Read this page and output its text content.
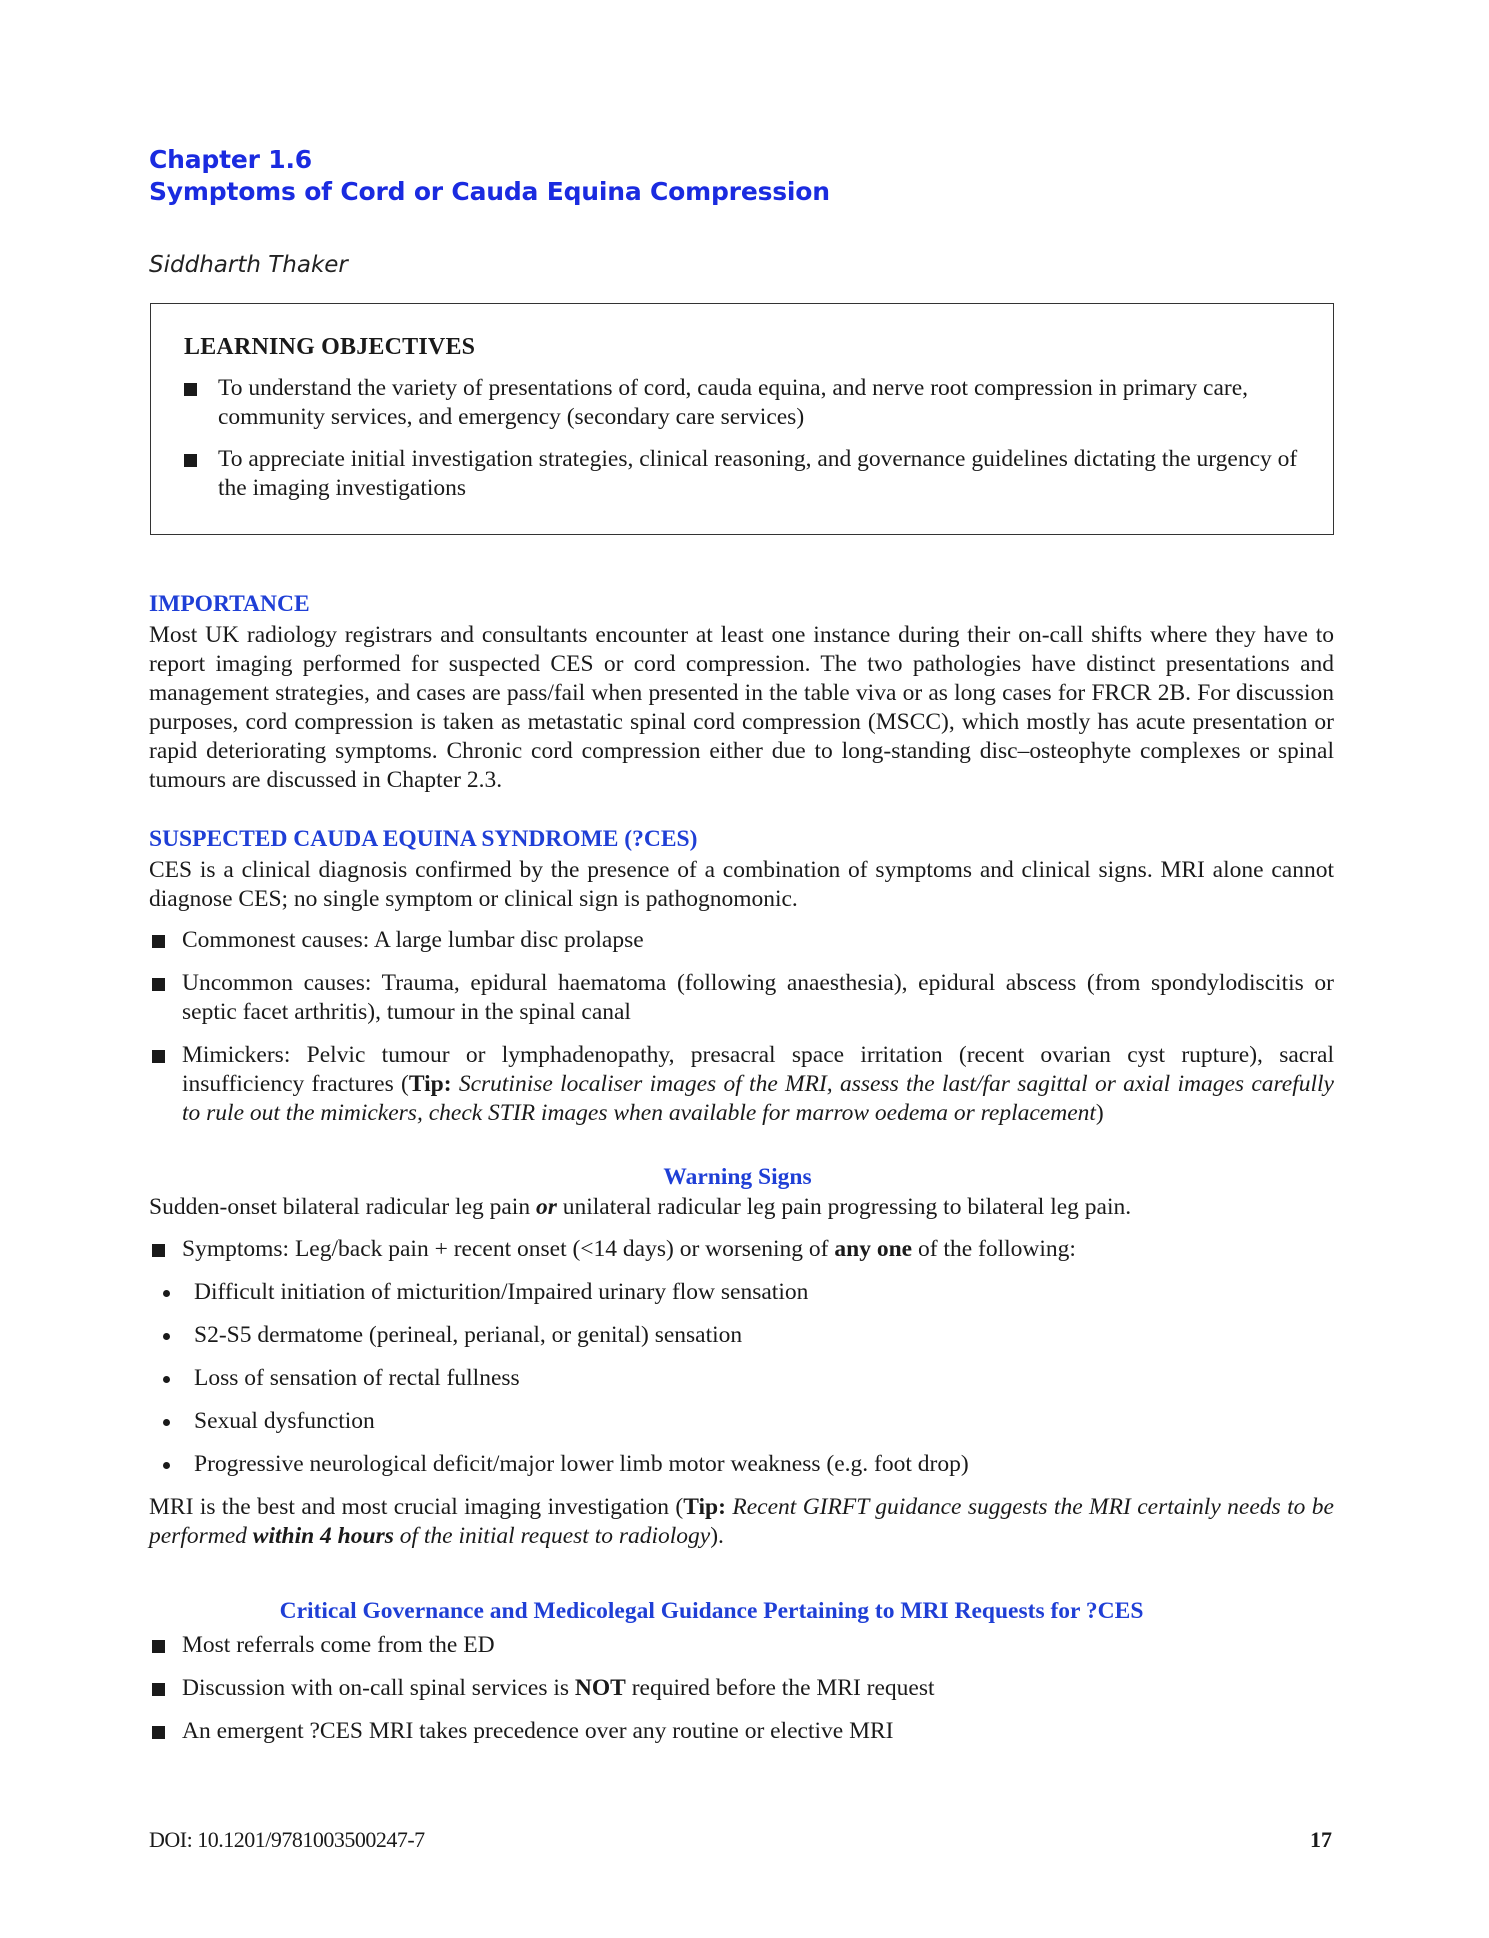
Chapter 1.6
Symptoms of Cord or Cauda Equina Compression
Siddharth Thaker
LEARNING OBJECTIVES
To understand the variety of presentations of cord, cauda equina, and nerve root compression in primary care, community services, and emergency (secondary care services)
To appreciate initial investigation strategies, clinical reasoning, and governance guidelines dictating the urgency of the imaging investigations
IMPORTANCE

Most UK radiology registrars and consultants encounter at least one instance during their on-call shifts where they have to report imaging performed for suspected CES or cord compression. The two pathologies have distinct presentations and management strategies, and cases are pass/fail when presented in the table viva or as long cases for FRCR 2B. For discussion purposes, cord compression is taken as metastatic spinal cord compression (MSCC), which mostly has acute presentation or rapid deteriorating symptoms. Chronic cord compression either due to long-standing disc–osteophyte complexes or spinal tumours are discussed in Chapter 2.3.

SUSPECTED CAUDA EQUINA SYNDROME (?CES)

CES is a clinical diagnosis confirmed by the presence of a combination of symptoms and clinical signs. MRI alone cannot diagnose CES; no single symptom or clinical sign is pathognomonic.

Commonest causes: A large lumbar disc prolapse
Uncommon causes: Trauma, epidural haematoma (following anaesthesia), epidural abscess (from spondylodiscitis or septic facet arthritis), tumour in the spinal canal
Mimickers: Pelvic tumour or lymphadenopathy, presacral space irritation (recent ovarian cyst rupture), sacral insufficiency fractures (Tip: Scrutinise localiser images of the MRI, assess the last/far sagittal or axial images carefully to rule out the mimickers, check STIR images when available for marrow oedema or replacement)
Warning Signs

Sudden-onset bilateral radicular leg pain or unilateral radicular leg pain progressing to bilateral leg pain.

Symptoms: Leg/back pain + recent onset (<14 days) or worsening of any one of the following:
Difficult initiation of micturition/Impaired urinary flow sensation
S2-S5 dermatome (perineal, perianal, or genital) sensation
Loss of sensation of rectal fullness
Sexual dysfunction
Progressive neurological deficit/major lower limb motor weakness (e.g. foot drop)

MRI is the best and most crucial imaging investigation (Tip: Recent GIRFT guidance suggests the MRI certainly needs to be performed within 4 hours of the initial request to radiology).

Critical Governance and Medicolegal Guidance Pertaining to MRI Requests for ?CES
Most referrals come from the ED
Discussion with on-call spinal services is NOT required before the MRI request
An emergent ?CES MRI takes precedence over any routine or elective MRI
DOI: 10.1201/9781003500247-7	17
